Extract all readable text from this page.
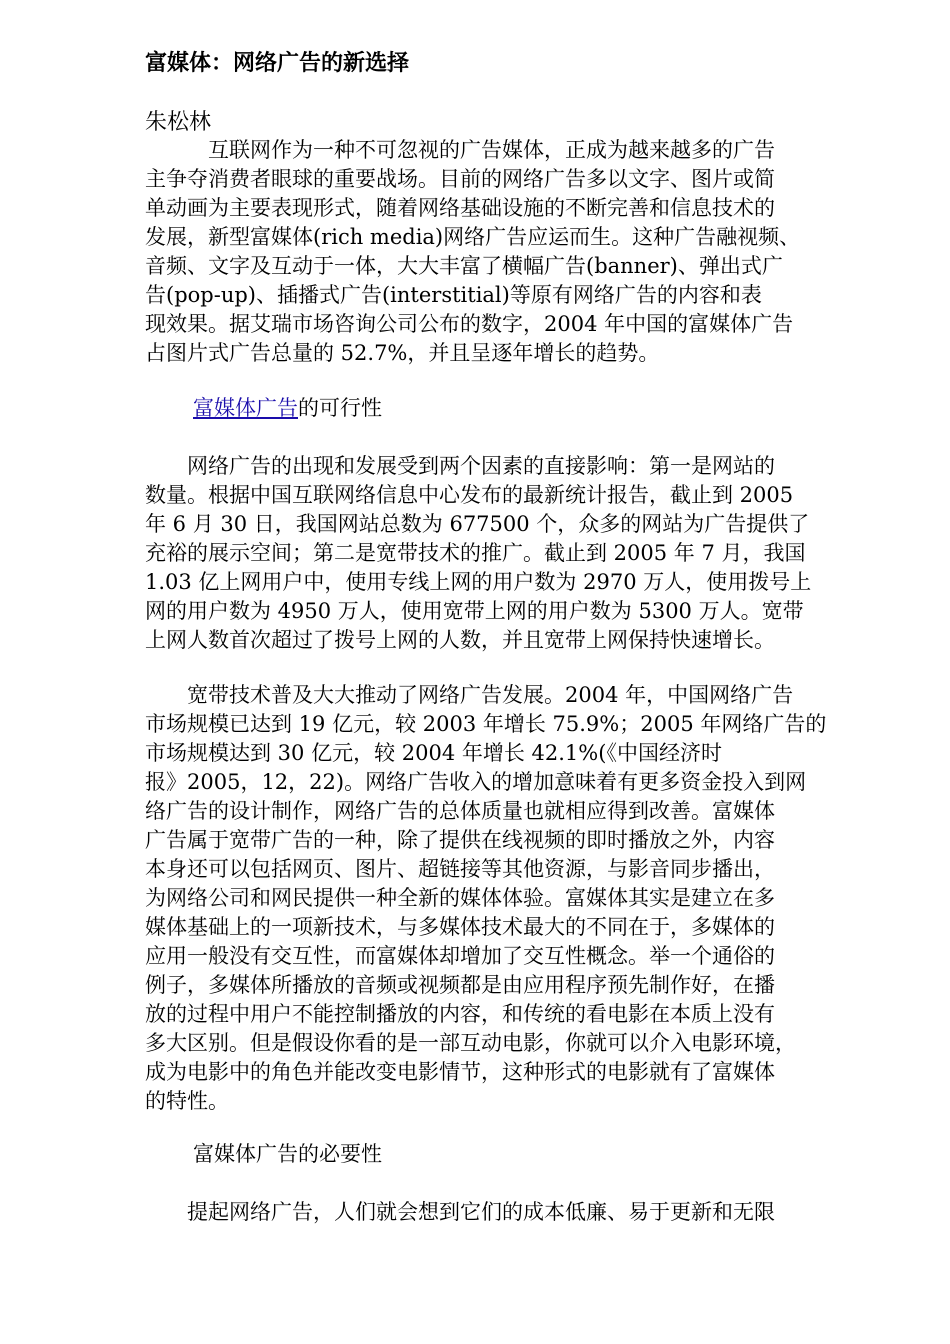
富媒体：网络广告的新选择
朱松林
　　　互联网作为一种不可忽视的广告媒体，正成为越来越多的广告
主争夺消费者眼球的重要战场。目前的网络广告多以文字、图片或简
单动画为主要表现形式，随着网络基础设施的不断完善和信息技术的
发展，新型富媒体(rich media)网络广告应运而生。这种广告融视频、
音频、文字及互动于一体，大大丰富了横幅广告(banner)、弹出式广
告(pop-up)、插播式广告(interstitial)等原有网络广告的内容和表
现效果。据艾瑞市场咨询公司公布的数字，2004 年中国的富媒体广告
占图片式广告总量的 52.7%，并且呈逐年增长的趋势。
富媒体广告的可行性
　　网络广告的出现和发展受到两个因素的直接影响：第一是网站的
数量。根据中国互联网络信息中心发布的最新统计报告，截止到 2005
年 6 月 30 日，我国网站总数为 677500 个，众多的网站为广告提供了
充裕的展示空间；第二是宽带技术的推广。截止到 2005 年 7 月，我国
1.03 亿上网用户中，使用专线上网的用户数为 2970 万人，使用拨号上
网的用户数为 4950 万人，使用宽带上网的用户数为 5300 万人。宽带
上网人数首次超过了拨号上网的人数，并且宽带上网保持快速增长。
　　宽带技术普及大大推动了网络广告发展。2004 年，中国网络广告
市场规模已达到 19 亿元，较 2003 年增长 75.9%；2005 年网络广告的
市场规模达到 30 亿元，较 2004 年增长 42.1%(《中国经济时
报》2005，12，22)。网络广告收入的增加意味着有更多资金投入到网
络广告的设计制作，网络广告的总体质量也就相应得到改善。富媒体
广告属于宽带广告的一种，除了提供在线视频的即时播放之外，内容
本身还可以包括网页、图片、超链接等其他资源，与影音同步播出，
为网络公司和网民提供一种全新的媒体体验。富媒体其实是建立在多
媒体基础上的一项新技术，与多媒体技术最大的不同在于，多媒体的
应用一般没有交互性，而富媒体却增加了交互性概念。举一个通俗的
例子，多媒体所播放的音频或视频都是由应用程序预先制作好，在播
放的过程中用户不能控制播放的内容，和传统的看电影在本质上没有
多大区别。但是假设你看的是一部互动电影，你就可以介入电影环境，
成为电影中的角色并能改变电影情节，这种形式的电影就有了富媒体
的特性。
富媒体广告的必要性
　　提起网络广告，人们就会想到它们的成本低廉、易于更新和无限
